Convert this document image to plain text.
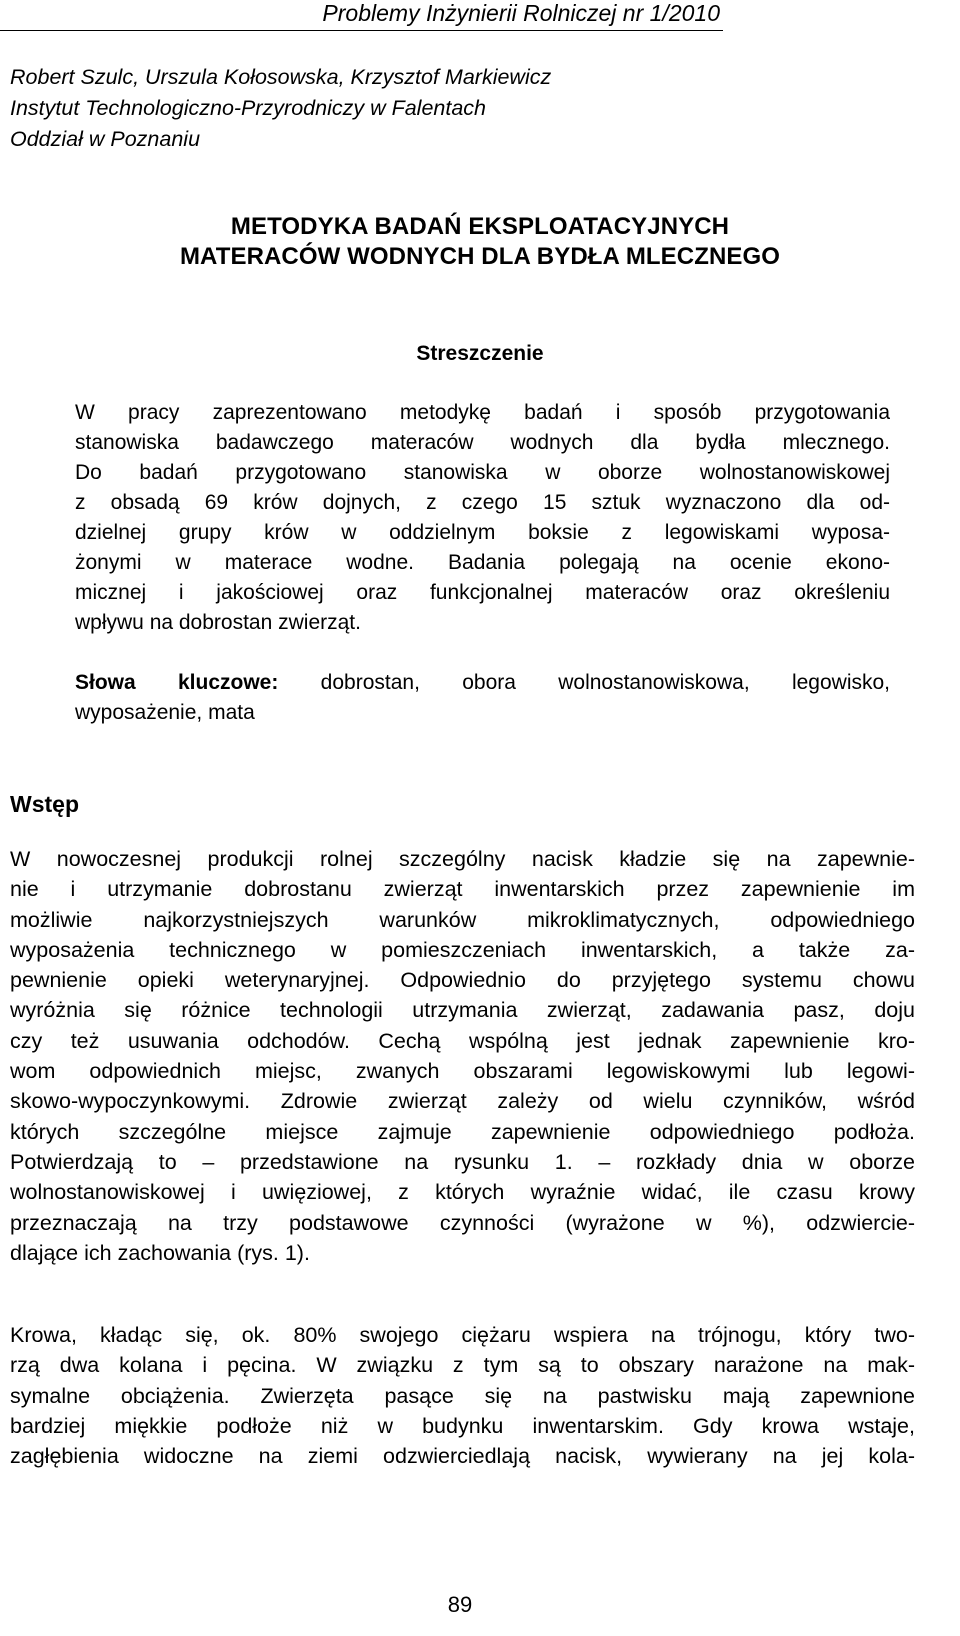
Problemy Inżynierii Rolniczej nr 1/2010
Robert Szulc, Urszula Kołosowska, Krzysztof Markiewicz
Instytut Technologiczno-Przyrodniczy w Falentach
Oddział w Poznaniu
METODYKA BADAŃ EKSPLOATACYJNYCH
MATERACÓW WODNYCH DLA BYDŁA MLECZNEGO
Streszczenie
W pracy zaprezentowano metodykę badań i sposób przygotowania
stanowiska badawczego materaców wodnych dla bydła mlecznego.
Do badań przygotowano stanowiska w oborze wolnostanowiskowej
z obsadą 69 krów dojnych, z czego 15 sztuk wyznaczono dla od-
dzielnej grupy krów w oddzielnym boksie z legowiskami wyposa-
żonymi w materace wodne. Badania polegają na ocenie ekono-
micznej i jakościowej oraz funkcjonalnej materaców oraz określeniu
wpływu na dobrostan zwierząt.
Słowa kluczowe: dobrostan, obora wolnostanowiskowa, legowisko,
wyposażenie, mata
Wstęp
W nowoczesnej produkcji rolnej szczególny nacisk kładzie się na zapewnie-
nie i utrzymanie dobrostanu zwierząt inwentarskich przez zapewnienie im
możliwie najkorzystniejszych warunków mikroklimatycznych, odpowiedniego
wyposażenia technicznego w pomieszczeniach inwentarskich, a także za-
pewnienie opieki weterynaryjnej. Odpowiednio do przyjętego systemu chowu
wyróżnia się różnice technologii utrzymania zwierząt, zadawania pasz, doju
czy też usuwania odchodów. Cechą wspólną jest jednak zapewnienie kro-
wom odpowiednich miejsc, zwanych obszarami legowiskowymi lub legowi-
skowo-wypoczynkowymi. Zdrowie zwierząt zależy od wielu czynników, wśród
których szczególne miejsce zajmuje zapewnienie odpowiedniego podłoża.
Potwierdzają to – przedstawione na rysunku 1. – rozkłady dnia w oborze
wolnostanowiskowej i uwięziowej, z których wyraźnie widać, ile czasu krowy
przeznaczają na trzy podstawowe czynności (wyrażone w %), odzwiercie-
dlające ich zachowania (rys. 1).
Krowa, kładąc się, ok. 80% swojego ciężaru wspiera na trójnogu, który two-
rzą dwa kolana i pęcina. W związku z tym są to obszary narażone na mak-
symalne obciążenia. Zwierzęta pasące się na pastwisku mają zapewnione
bardziej miękkie podłoże niż w budynku inwentarskim. Gdy krowa wstaje,
zagłębienia widoczne na ziemi odzwierciedlają nacisk, wywierany na jej kola-
89
